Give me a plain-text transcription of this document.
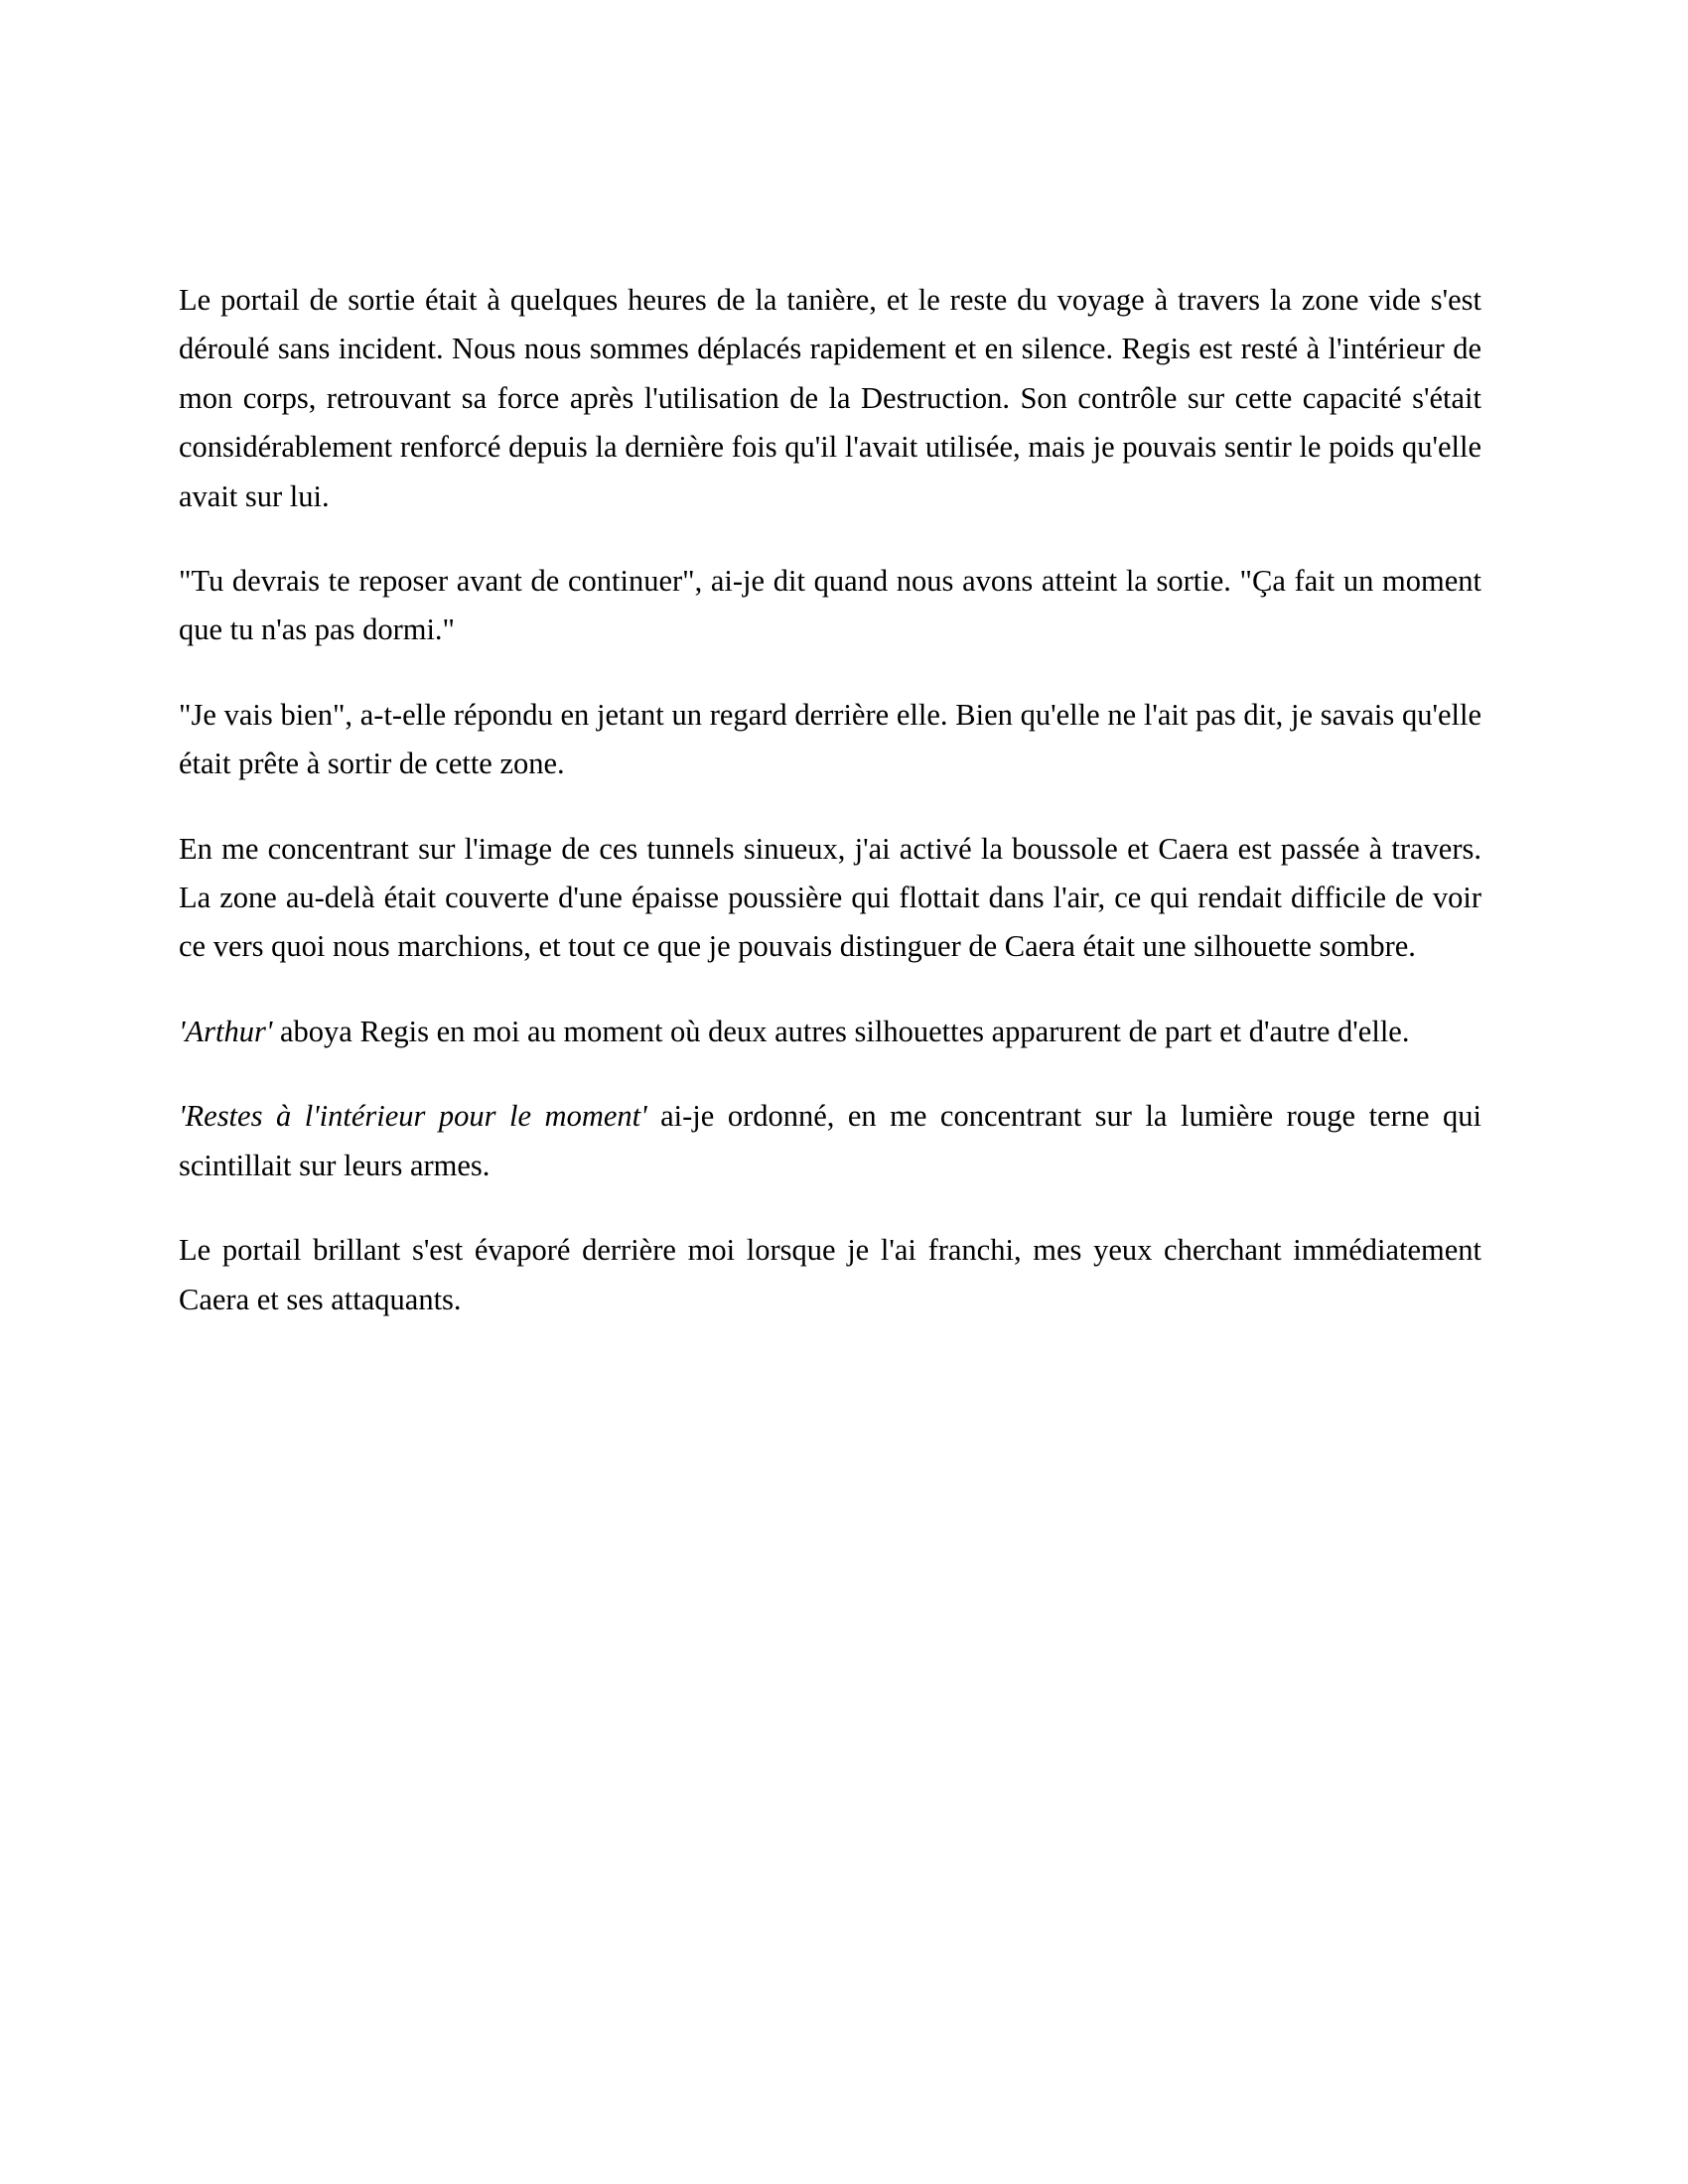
Le portail de sortie était à quelques heures de la tanière, et le reste du voyage à travers la zone vide s'est déroulé sans incident. Nous nous sommes déplacés rapidement et en silence. Regis est resté à l'intérieur de mon corps, retrouvant sa force après l'utilisation de la Destruction. Son contrôle sur cette capacité s'était considérablement renforcé depuis la dernière fois qu'il l'avait utilisée, mais je pouvais sentir le poids qu'elle avait sur lui.

"Tu devrais te reposer avant de continuer", ai-je dit quand nous avons atteint la sortie. "Ça fait un moment que tu n'as pas dormi."

"Je vais bien", a-t-elle répondu en jetant un regard derrière elle. Bien qu'elle ne l'ait pas dit, je savais qu'elle était prête à sortir de cette zone.

En me concentrant sur l'image de ces tunnels sinueux, j'ai activé la boussole et Caera est passée à travers. La zone au-delà était couverte d'une épaisse poussière qui flottait dans l'air, ce qui rendait difficile de voir ce vers quoi nous marchions, et tout ce que je pouvais distinguer de Caera était une silhouette sombre.

'Arthur' aboya Regis en moi au moment où deux autres silhouettes apparurent de part et d'autre d'elle.

'Restes à l'intérieur pour le moment' ai-je ordonné, en me concentrant sur la lumière rouge terne qui scintillait sur leurs armes.

Le portail brillant s'est évaporé derrière moi lorsque je l'ai franchi, mes yeux cherchant immédiatement Caera et ses attaquants.
